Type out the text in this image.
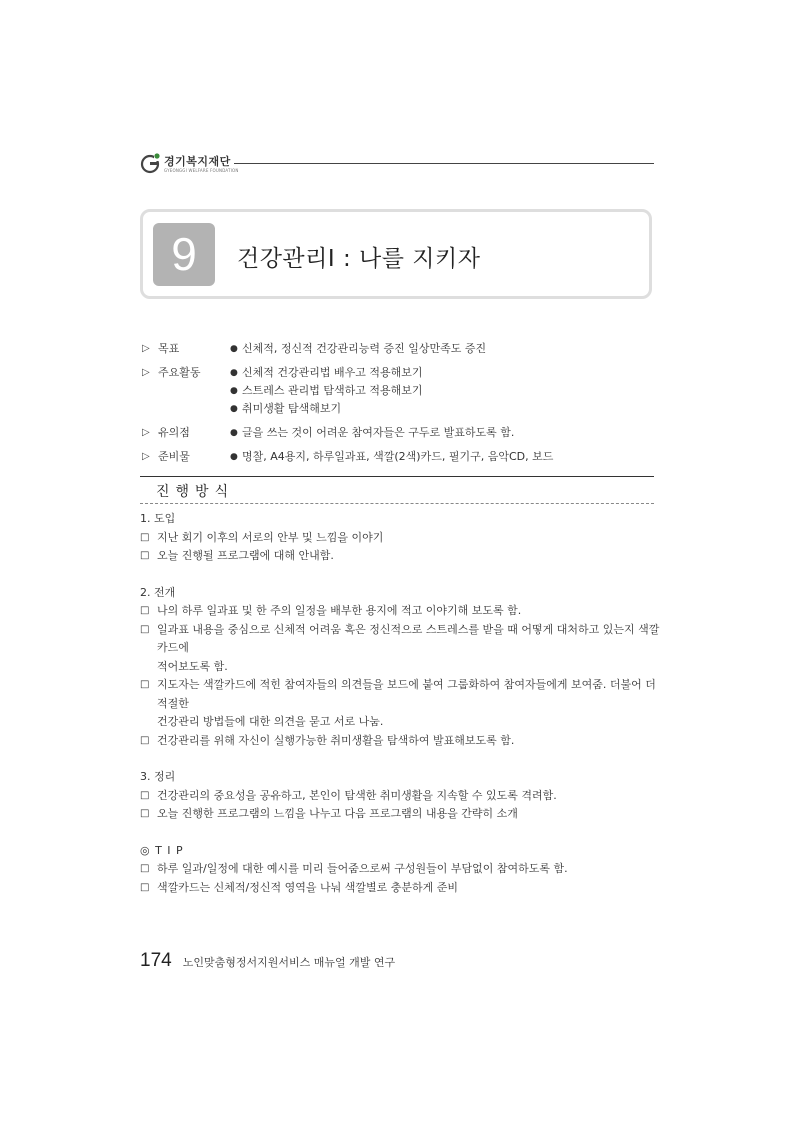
경기복지재단
GYEONGGI WELFARE FOUNDATION
9	건강관리Ⅰ : 나를 지키자
▷ 목표	● 신체적, 정신적 건강관리능력 증진 일상만족도 증진
▷ 주요활동	● 신체적 건강관리법 배우고 적용해보기
● 스트레스 관리법 탐색하고 적용해보기
● 취미생활 탐색해보기
▷ 유의점	● 글을 쓰는 것이 어려운 참여자들은 구두로 발표하도록 함.
▷ 준비물	● 명찰, A4용지, 하루일과표, 색깔(2색)카드, 필기구, 음악CD, 보드
진행방식
1. 도입
□ 지난 회기 이후의 서로의 안부 및 느낌을 이야기
□ 오늘 진행될 프로그램에 대해 안내함.
2. 전개
□ 나의 하루 일과표 및 한 주의 일정을 배부한 용지에 적고 이야기해 보도록 함.
□ 일과표 내용을 중심으로 신체적 어려움 혹은 정신적으로 스트레스를 받을 때 어떻게 대처하고 있는지 색깔카드에
적어보도록 함.
□ 지도자는 색깔카드에 적힌 참여자들의 의견들을 보드에 붙여 그룹화하여 참여자들에게 보여줌. 더불어 더 적절한
건강관리 방법들에 대한 의견을 묻고 서로 나눔.
□ 건강관리를 위해 자신이 실행가능한 취미생활을 탐색하여 발표해보도록 함.
3. 정리
□ 건강관리의 중요성을 공유하고, 본인이 탐색한 취미생활을 지속할 수 있도록 격려함.
□ 오늘 진행한 프로그램의 느낌을 나누고 다음 프로그램의 내용을 간략히 소개
◎ T I P
□ 하루 일과/일정에 대한 예시를 미리 들어줌으로써 구성원들이 부담없이 참여하도록 함.
□ 색깔카드는 신체적/정신적 영역을 나눠 색깔별로 충분하게 준비
174 노인맞춤형정서지원서비스 매뉴얼 개발 연구
